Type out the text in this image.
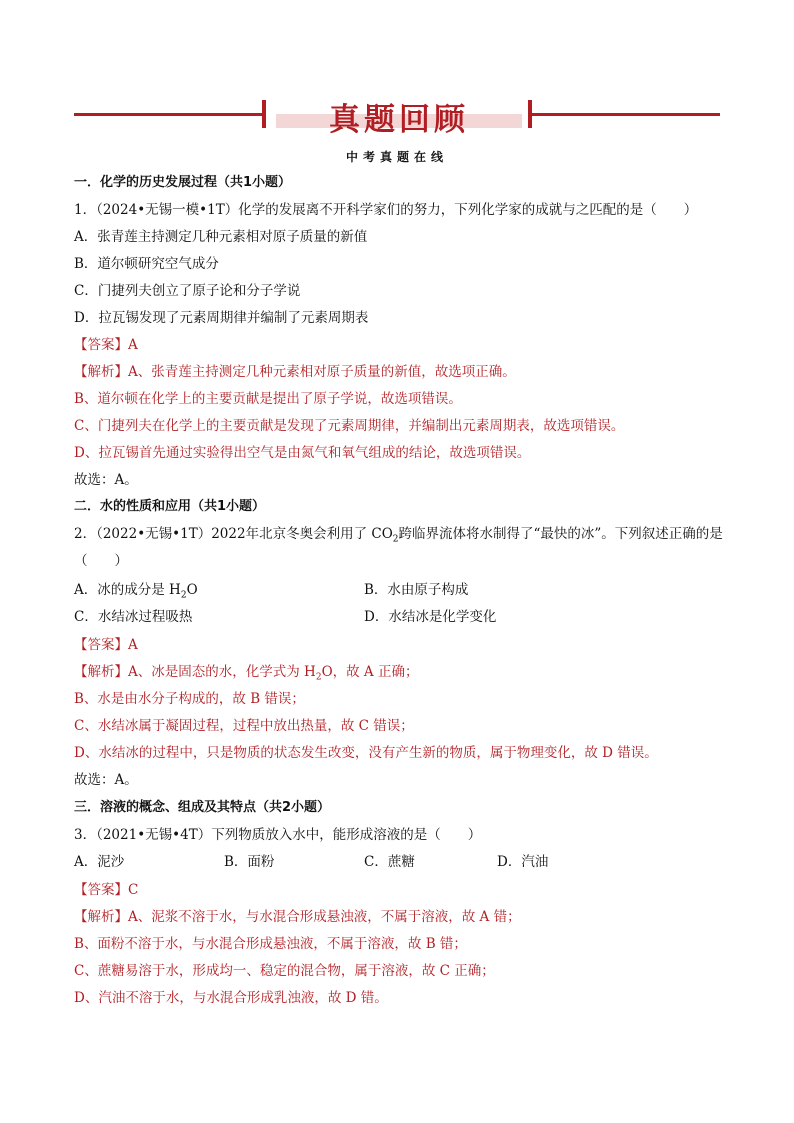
真题回顾
中考真题在线
一．化学的历史发展过程（共1小题）
1．（2024•无锡一模•1T）化学的发展离不开科学家们的努力，下列化学家的成就与之匹配的是（　　）
A．张青莲主持测定几种元素相对原子质量的新值
B．道尔顿研究空气成分
C．门捷列夫创立了原子论和分子学说
D．拉瓦锡发现了元素周期律并编制了元素周期表
【答案】A
【解析】A、张青莲主持测定几种元素相对原子质量的新值，故选项正确。
B、道尔顿在化学上的主要贡献是提出了原子学说，故选项错误。
C、门捷列夫在化学上的主要贡献是发现了元素周期律，并编制出元素周期表，故选项错误。
D、拉瓦锡首先通过实验得出空气是由氮气和氧气组成的结论，故选项错误。
故选：A。
二．水的性质和应用（共1小题）
2．（2022•无锡•1T）2022年北京冬奥会利用了 $CO_2$跨临界流体将水制得了“最快的冰”。下列叙述正确的是
（　　）
A．冰的成分是 $H_2O$	B．水由原子构成
C．水结冰过程吸热	D．水结冰是化学变化
【答案】A
【解析】A、冰是固态的水，化学式为 $H_2O$，故 A 正确；
B、水是由水分子构成的，故 B 错误；
C、水结冰属于凝固过程，过程中放出热量，故 C 错误；
D、水结冰的过程中，只是物质的状态发生改变，没有产生新的物质，属于物理变化，故 D 错误。
故选：A。
三．溶液的概念、组成及其特点（共2小题）
3．（2021•无锡•4T）下列物质放入水中，能形成溶液的是（　　）
A．泥沙	B．面粉	C．蔗糖	D．汽油
【答案】C
【解析】A、泥浆不溶于水，与水混合形成悬浊液，不属于溶液，故 A 错；
B、面粉不溶于水，与水混合形成悬浊液，不属于溶液，故 B 错；
C、蔗糖易溶于水，形成均一、稳定的混合物，属于溶液，故 C 正确；
D、汽油不溶于水，与水混合形成乳浊液，故 D 错。
